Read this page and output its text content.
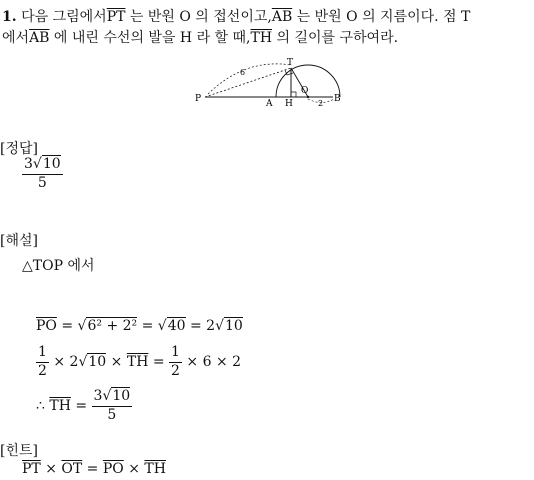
1. 다음 그림에서$\overline{PT}$ 는 반원 O 의 접선이고$,\overline{AB}$ 는 반원 O 의 지름이다. 점 T
에서$\overline{AB}$ 에 내린 수선의 발을 H 라 할 때$,\overline{TH}$ 의 길이를 구하여라.
P
T
A H
O
B
6
2
[정답]
$\frac{3√10}{5}$
[해설]
△TOP 에서
$\overline{PO} = √6^2 + 2^2 = √40 = 2√10$
$\frac{1}{2} \times 2√10 \times \overline{TH} = \frac{1}{2} \times 6 \times 2$
∴ $\overline{TH} = \frac{3√10}{5}$
[힌트]
$\overline{PT} \times \overline{OT} = \overline{PO} \times \overline{TH}$
